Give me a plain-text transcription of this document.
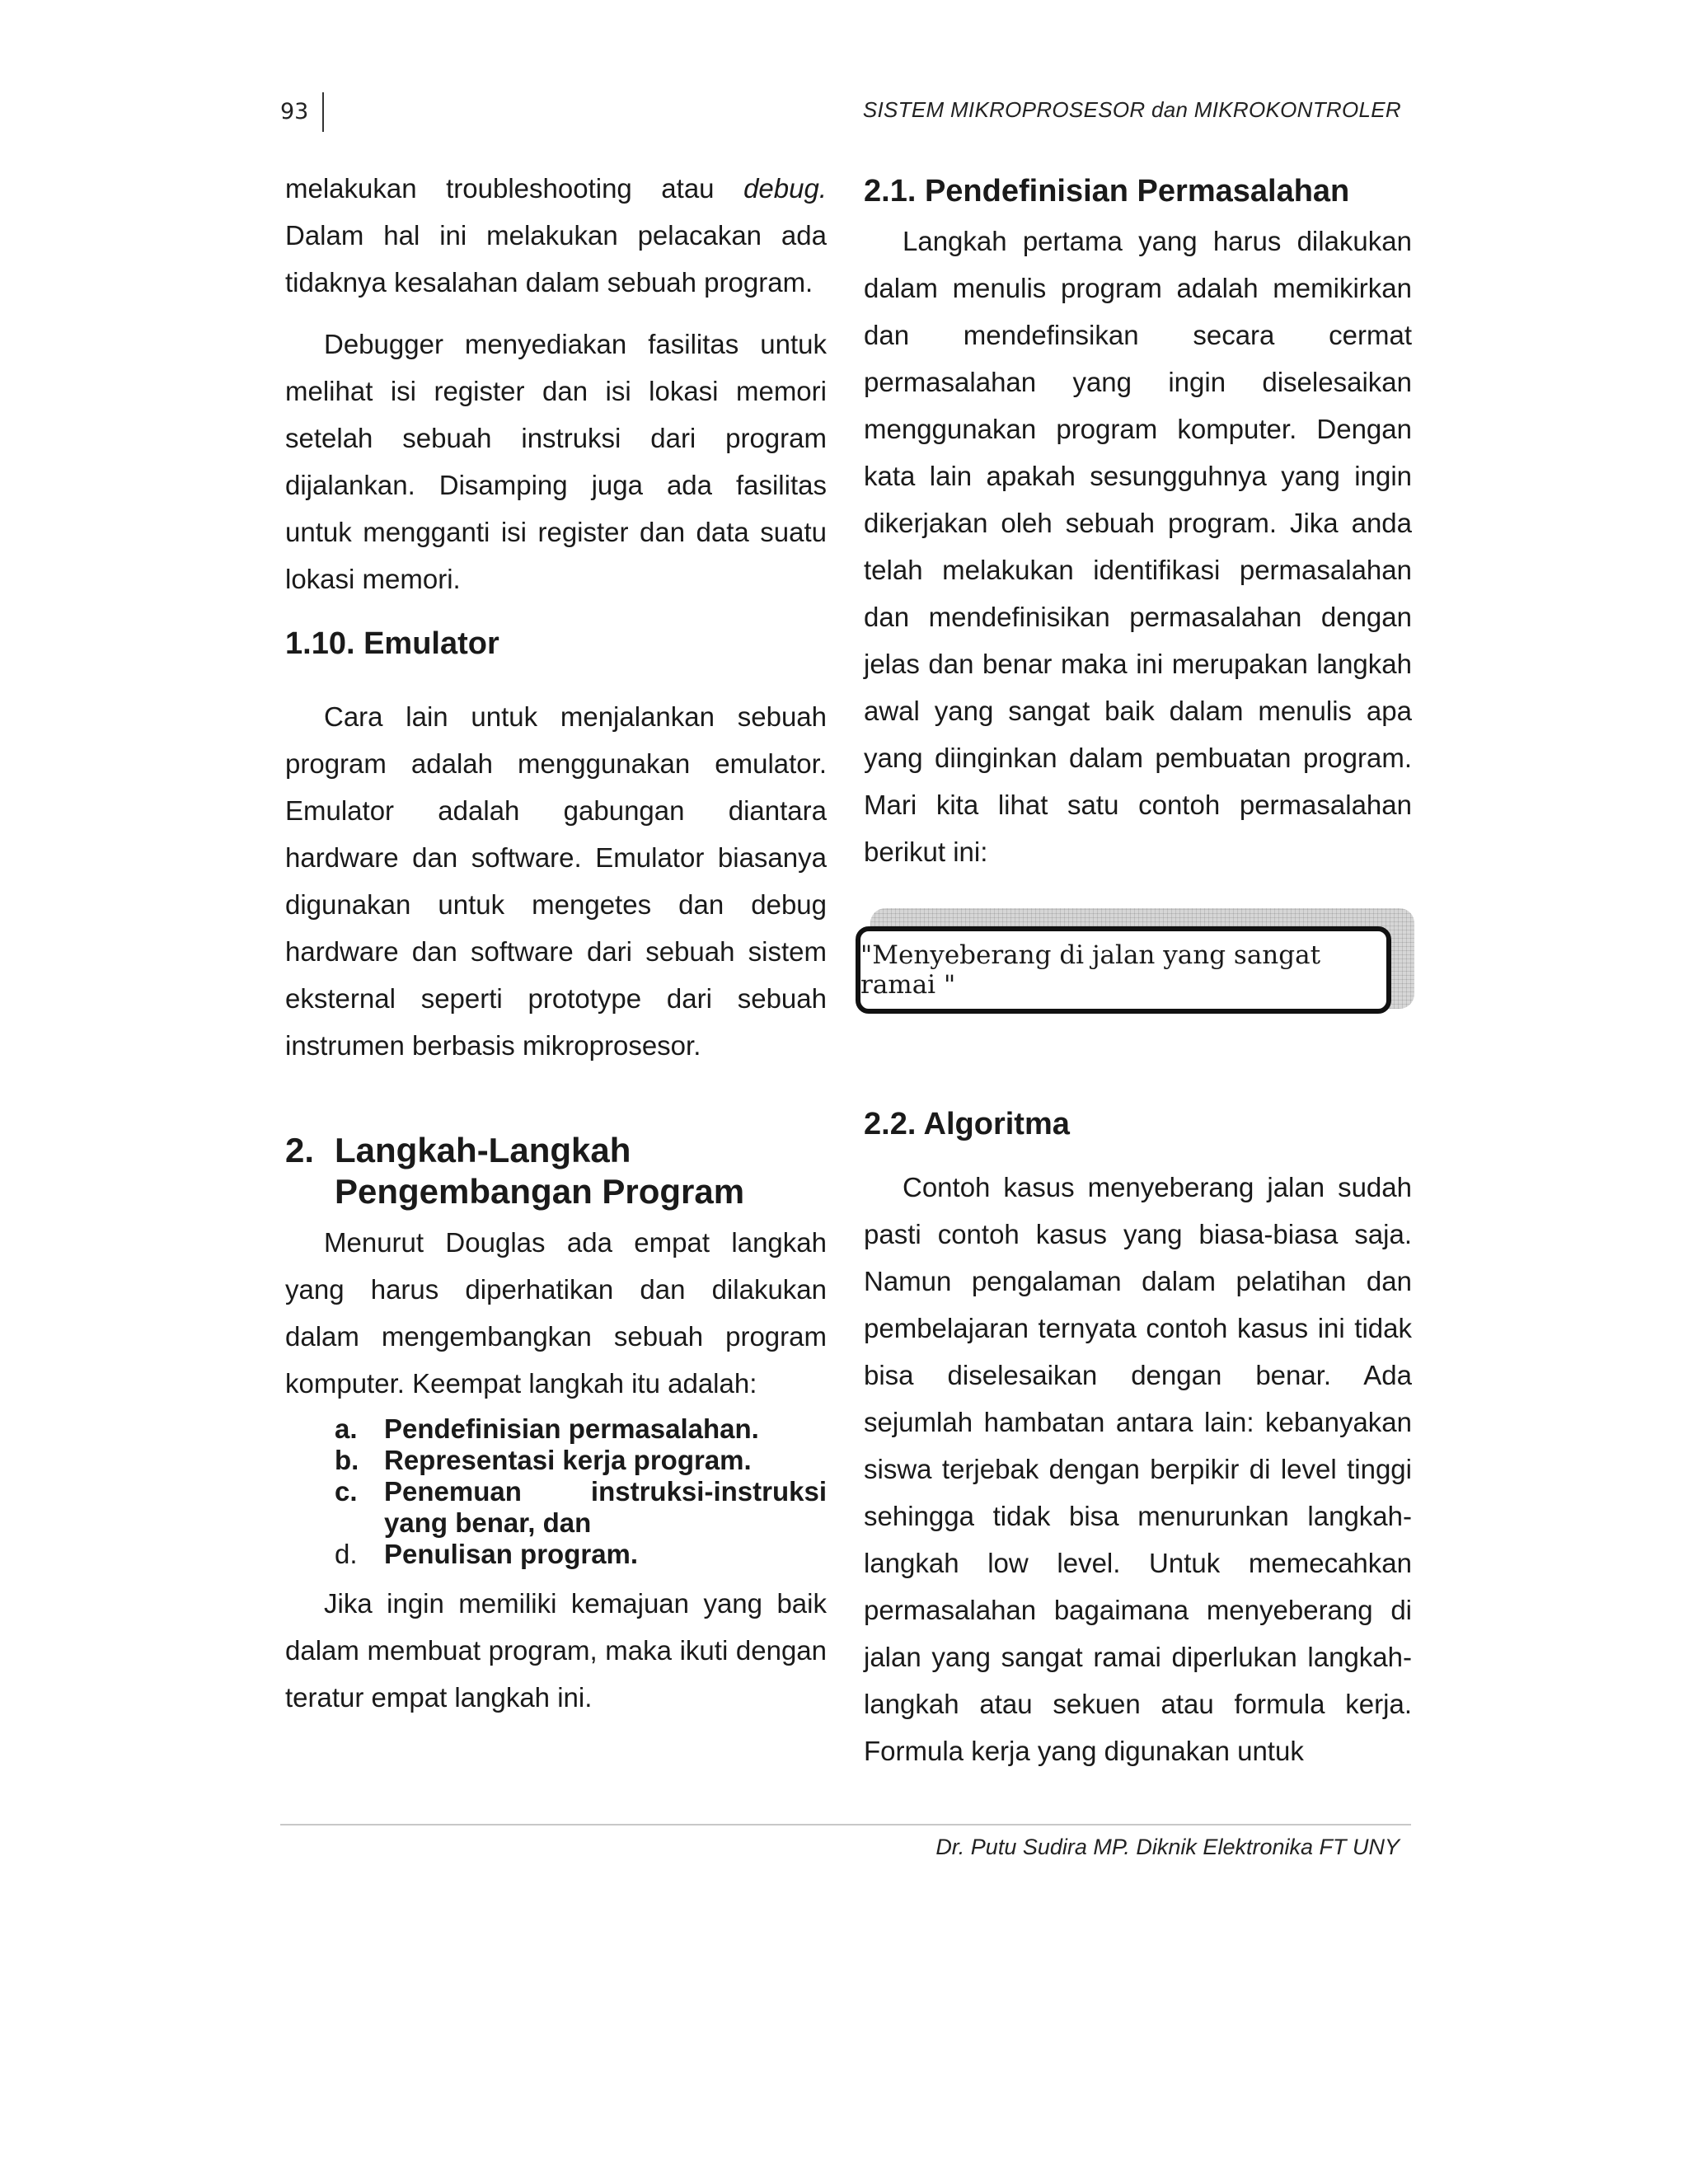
93	SISTEM MIKROPROSESOR dan MIKROKONTROLER

melakukan troubleshooting atau debug. Dalam hal ini melakukan pelacakan ada tidaknya kesalahan dalam sebuah program.

Debugger menyediakan fasilitas untuk melihat isi register dan isi lokasi memori setelah sebuah instruksi dari program dijalankan. Disamping juga ada fasilitas untuk mengganti isi register dan data suatu lokasi memori.

1.10. Emulator

Cara lain untuk menjalankan sebuah program adalah menggunakan emulator. Emulator adalah gabungan diantara hardware dan software. Emulator biasanya digunakan untuk mengetes dan debug hardware dan software dari sebuah sistem eksternal seperti prototype dari sebuah instrumen berbasis mikroprosesor.

2. Langkah-Langkah Pengembangan Program

Menurut Douglas ada empat langkah yang harus diperhatikan dan dilakukan dalam mengembangkan sebuah program komputer. Keempat langkah itu adalah:

a. Pendefinisian permasalahan.
b. Representasi kerja program.
c. Penemuan instruksi-instruksi yang benar, dan
d. Penulisan program.

Jika ingin memiliki kemajuan yang baik dalam membuat program, maka ikuti dengan teratur empat langkah ini.

2.1. Pendefinisian Permasalahan

Langkah pertama yang harus dilakukan dalam menulis program adalah memikirkan dan mendefinsikan secara cermat permasalahan yang ingin diselesaikan menggunakan program komputer. Dengan kata lain apakah sesungguhnya yang ingin dikerjakan oleh sebuah program. Jika anda telah melakukan identifikasi permasalahan dan mendefinisikan permasalahan dengan jelas dan benar maka ini merupakan langkah awal yang sangat baik dalam menulis apa yang diinginkan dalam pembuatan program. Mari kita lihat satu contoh permasalahan berikut ini:

"Menyeberang di jalan yang sangat ramai "
2.2. Algoritma

Contoh kasus menyeberang jalan sudah pasti contoh kasus yang biasa-biasa saja. Namun pengalaman dalam pelatihan dan pembelajaran ternyata contoh kasus ini tidak bisa diselesaikan dengan benar. Ada sejumlah hambatan antara lain: kebanyakan siswa terjebak dengan berpikir di level tinggi sehingga tidak bisa menurunkan langkah-langkah low level. Untuk memecahkan permasalahan bagaimana menyeberang di jalan yang sangat ramai diperlukan langkah-langkah atau sekuen atau formula kerja. Formula kerja yang digunakan untuk

Dr. Putu Sudira MP. Diknik Elektronika FT UNY
